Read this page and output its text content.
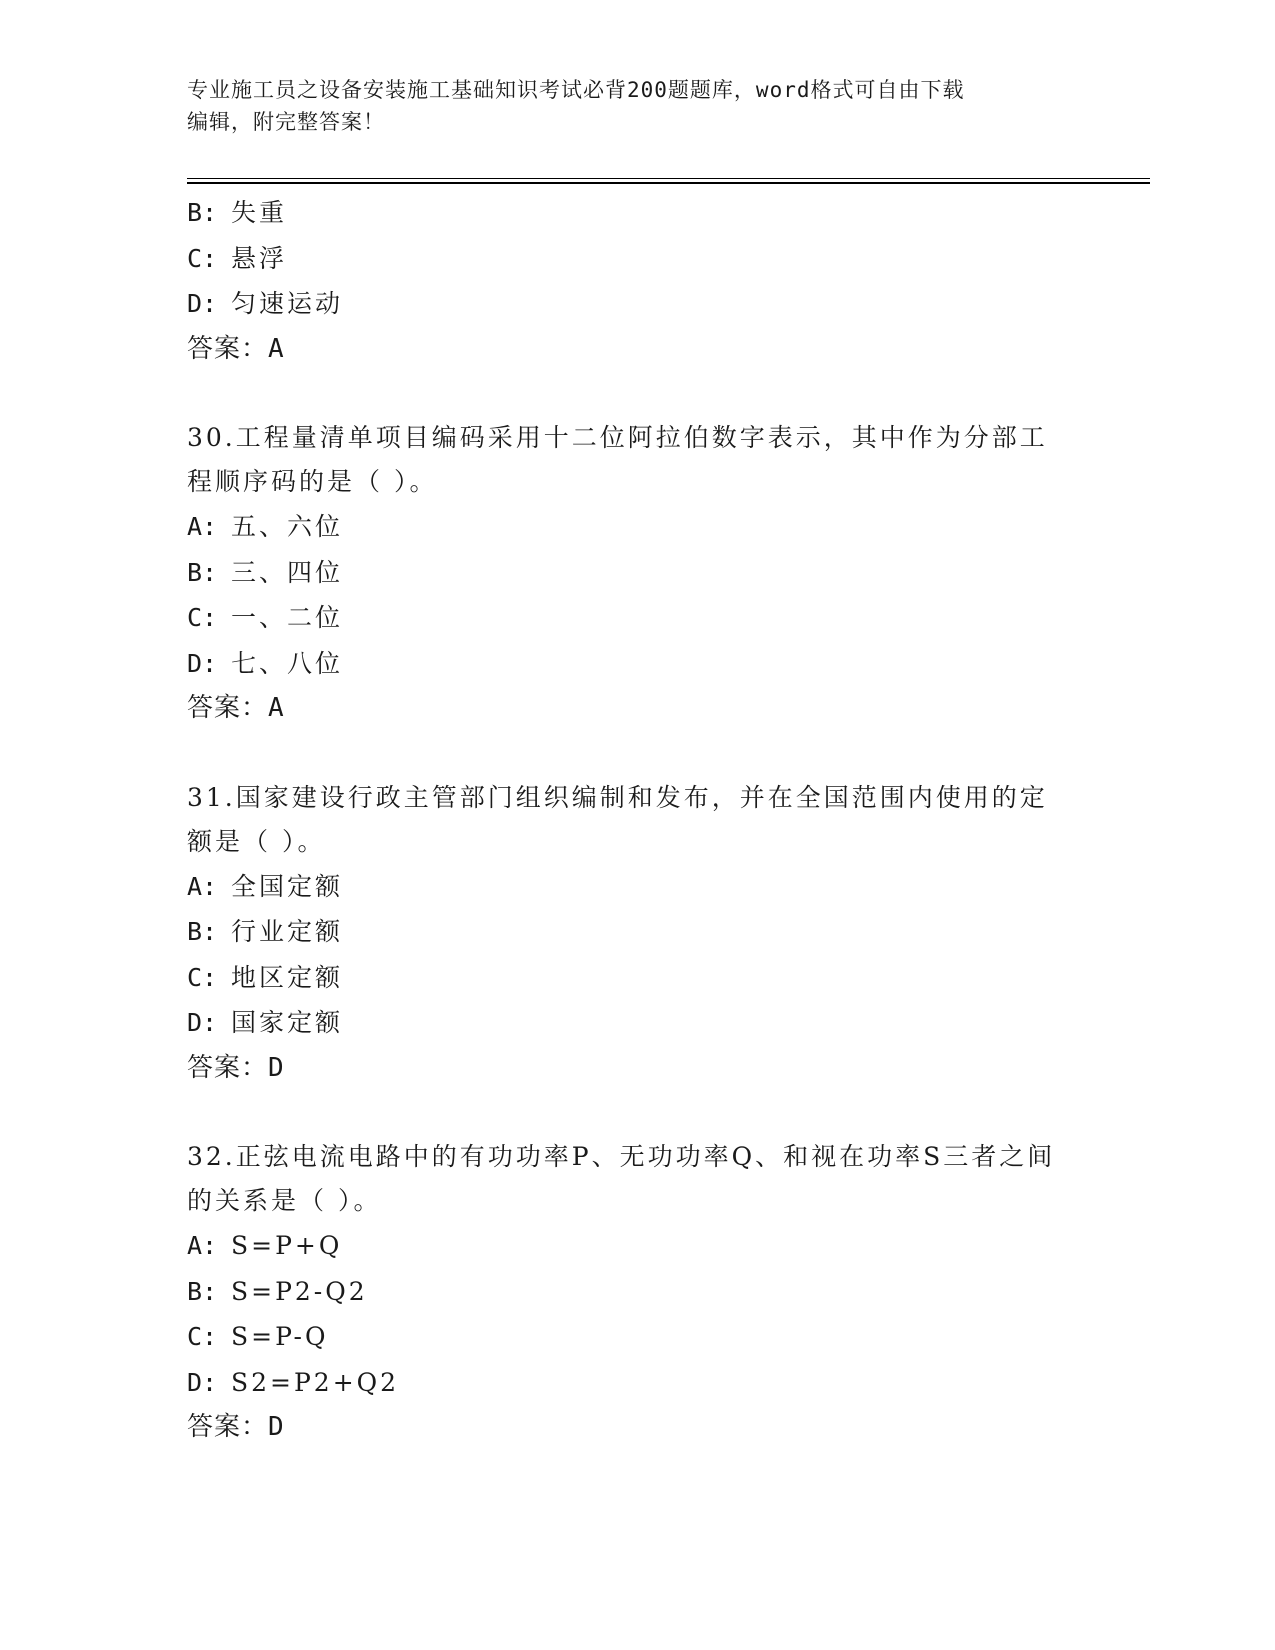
专业施工员之设备安装施工基础知识考试必背200题题库，word格式可自由下载
编辑，附完整答案！
B: 失重
C: 悬浮
D: 匀速运动
答案：A
30.工程量清单项目编码采用十二位阿拉伯数字表示，其中作为分部工程顺序码的是（ ）。
A: 五、六位
B: 三、四位
C: 一、二位
D: 七、八位
答案：A
31.国家建设行政主管部门组织编制和发布，并在全国范围内使用的定额是（ ）。
A: 全国定额
B: 行业定额
C: 地区定额
D: 国家定额
答案：D
32.正弦电流电路中的有功功率P、无功功率Q、和视在功率S三者之间的关系是（ ）。
A: S=P+Q
B: S=P2-Q2
C: S=P-Q
D: S2=P2+Q2
答案：D
